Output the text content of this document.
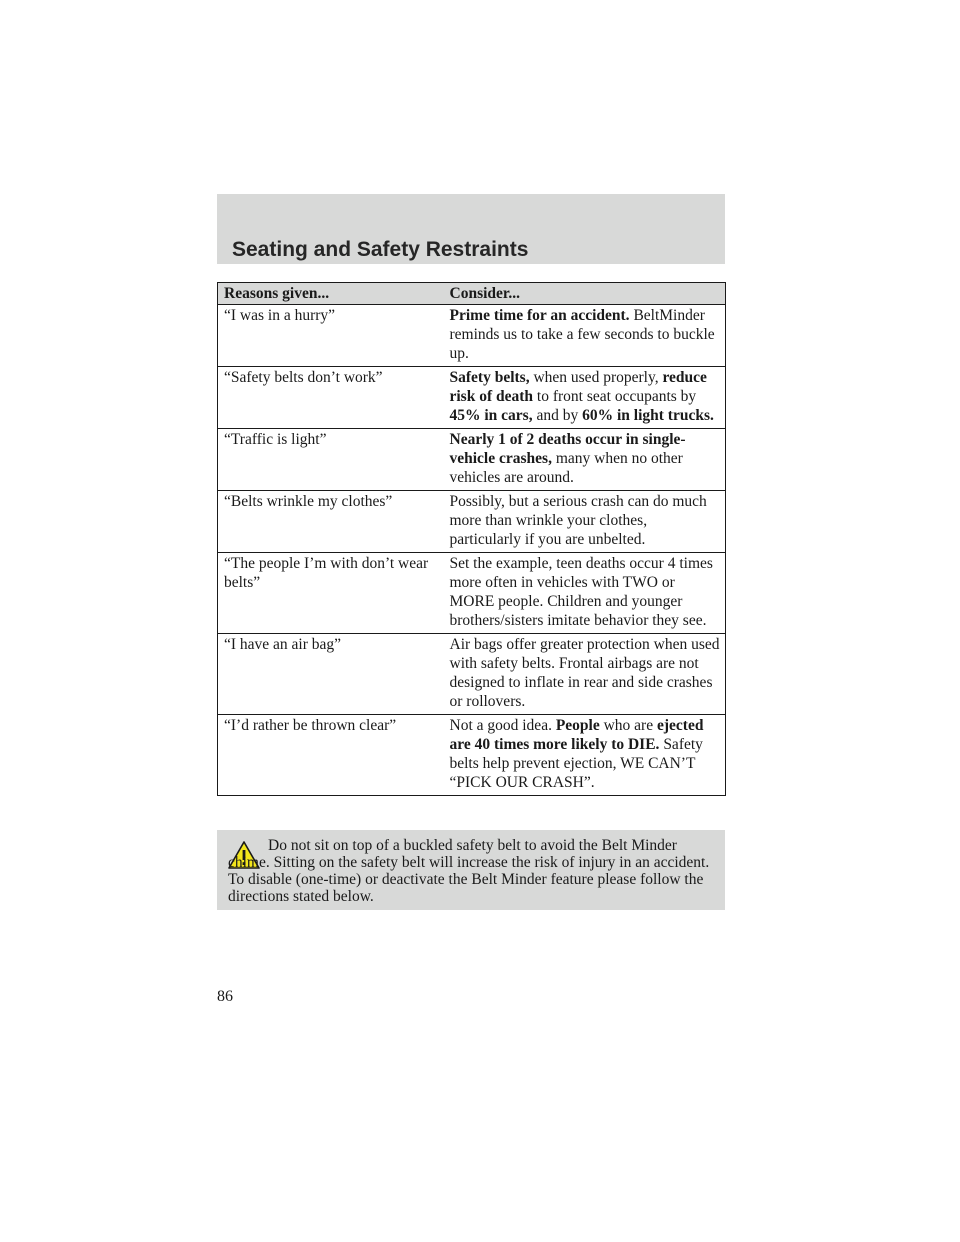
Seating and Safety Restraints
Reasons given...	Consider...
“I was in a hurry”	Prime time for an accident. BeltMinder reminds us to take a few seconds to buckle up.
“Safety belts don’t work”	Safety belts, when used properly, reduce risk of death to front seat occupants by 45% in cars, and by 60% in light trucks.
“Traffic is light”	Nearly 1 of 2 deaths occur in single-vehicle crashes, many when no other vehicles are around.
“Belts wrinkle my clothes”	Possibly, but a serious crash can do much more than wrinkle your clothes, particularly if you are unbelted.
“The people I’m with don’t wear belts”	Set the example, teen deaths occur 4 times more often in vehicles with TWO or MORE people. Children and younger brothers/sisters imitate behavior they see.
“I have an air bag”	Air bags offer greater protection when used with safety belts. Frontal airbags are not designed to inflate in rear and side crashes or rollovers.
“I’d rather be thrown clear”	Not a good idea. People who are ejected are 40 times more likely to DIE. Safety belts help prevent ejection, WE CAN’T “PICK OUR CRASH”.
Do not sit on top of a buckled safety belt to avoid the Belt Minder chime. Sitting on the safety belt will increase the risk of injury in an accident. To disable (one-time) or deactivate the Belt Minder feature please follow the directions stated below.
86
